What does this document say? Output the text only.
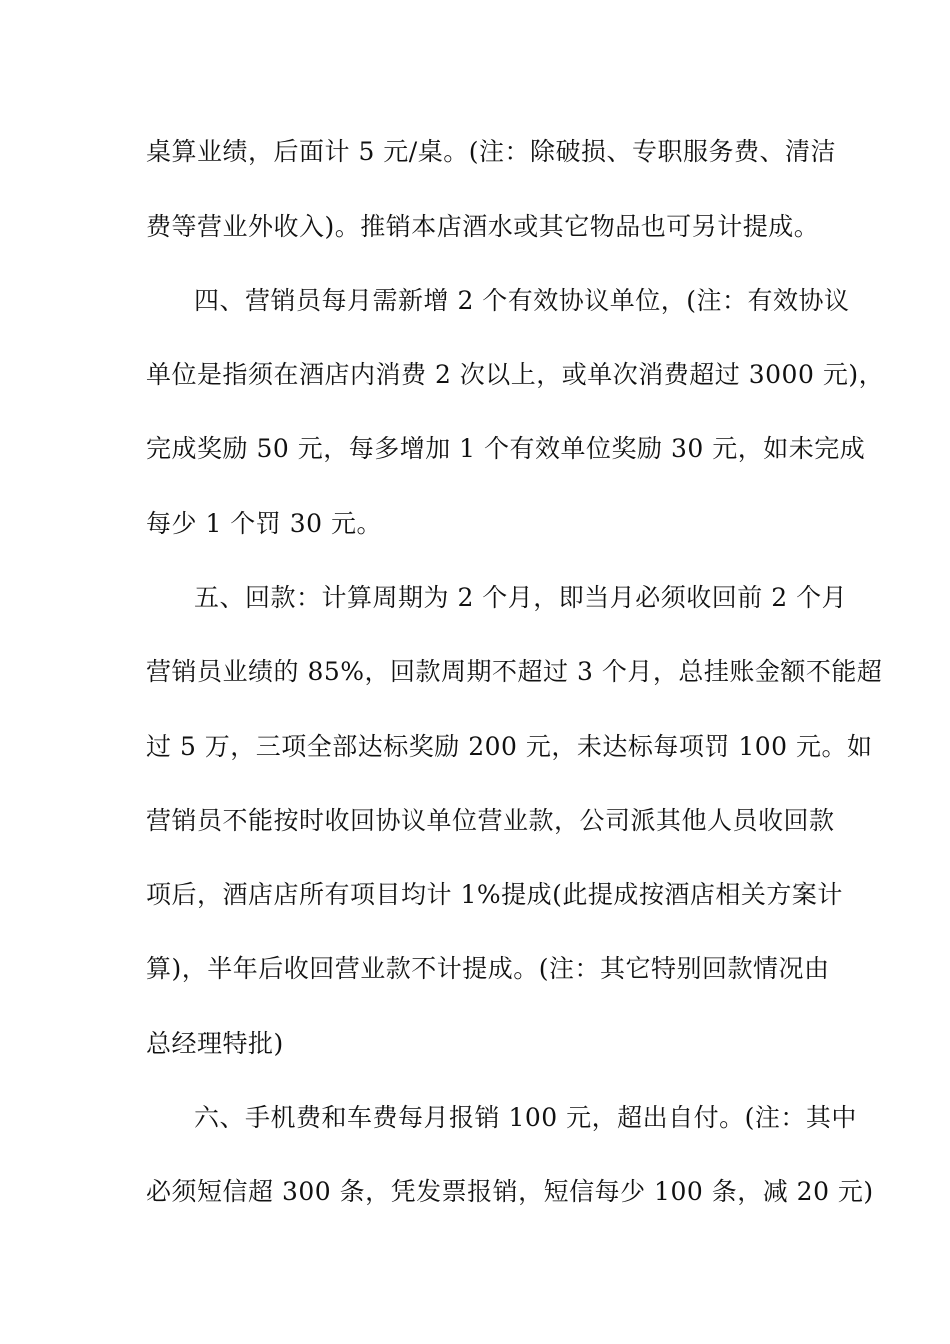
桌算业绩，后面计 5 元/桌。(注：除破损、专职服务费、清洁
费等营业外收入)。推销本店酒水或其它物品也可另计提成。
四、营销员每月需新增 2 个有效协议单位，(注：有效协议
单位是指须在酒店内消费 2 次以上，或单次消费超过 3000 元)，
完成奖励 50 元，每多增加 1 个有效单位奖励 30 元，如未完成
每少 1 个罚 30 元。
五、回款：计算周期为 2 个月，即当月必须收回前 2 个月
营销员业绩的 85%，回款周期不超过 3 个月，总挂账金额不能超
过 5 万，三项全部达标奖励 200 元，未达标每项罚 100 元。如
营销员不能按时收回协议单位营业款，公司派其他人员收回款
项后，酒店店所有项目均计 1%提成(此提成按酒店相关方案计
算)，半年后收回营业款不计提成。(注：其它特别回款情况由
总经理特批)
六、手机费和车费每月报销 100 元，超出自付。(注：其中
必须短信超 300 条，凭发票报销，短信每少 100 条，减 20 元)
